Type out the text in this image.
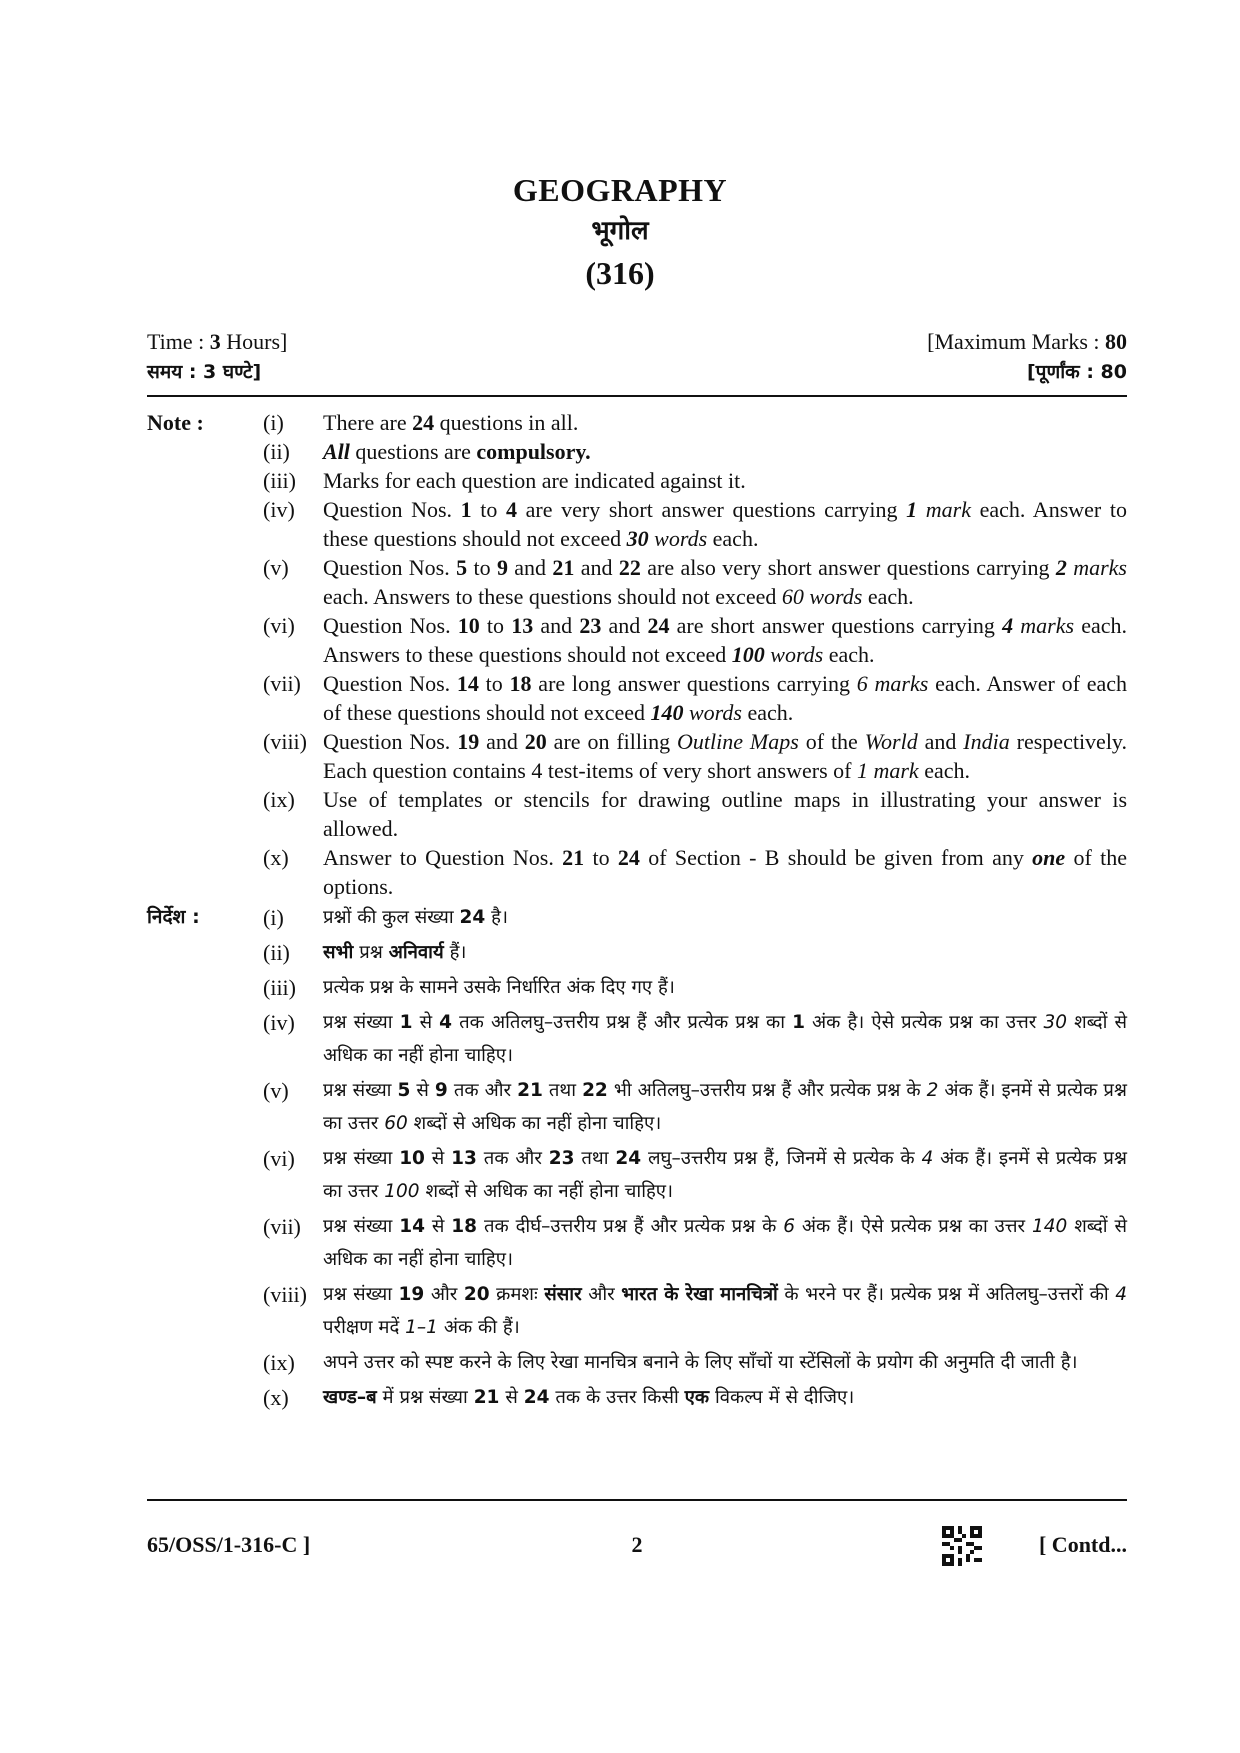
GEOGRAPHY
भूगोल
(316)
Time : 3 Hours]	[Maximum Marks : 80
समय : 3 घण्टे]	[पूर्णांक : 80
Note :	(i)	There are 24 questions in all.
(ii)	All questions are compulsory.
(iii)	Marks for each question are indicated against it.
(iv)	Question Nos. 1 to 4 are very short answer questions carrying 1 mark each. Answer to these questions should not exceed 30 words each.
(v)	Question Nos. 5 to 9 and 21 and 22 are also very short answer questions carrying 2 marks each. Answers to these questions should not exceed 60 words each.
(vi)	Question Nos. 10 to 13 and 23 and 24 are short answer questions carrying 4 marks each. Answers to these questions should not exceed 100 words each.
(vii)	Question Nos. 14 to 18 are long answer questions carrying 6 marks each. Answer of each of these questions should not exceed 140 words each.
(viii) Question Nos. 19 and 20 are on filling Outline Maps of the World and India respectively. Each question contains 4 test-items of very short answers of 1 mark each.
(ix)	Use of templates or stencils for drawing outline maps in illustrating your answer is allowed.
(x)	Answer to Question Nos. 21 to 24 of Section - B should be given from any one of the options.
निर्देश :	(i)	प्रश्नों की कुल संख्या 24 है।
(ii)	सभी प्रश्न अनिवार्य हैं।
(iii)	प्रत्येक प्रश्न के सामने उसके निर्धारित अंक दिए गए हैं।
(iv)	प्रश्न संख्या 1 से 4 तक अतिलघु–उत्तरीय प्रश्न हैं और प्रत्येक प्रश्न का 1 अंक है। ऐसे प्रत्येक प्रश्न का उत्तर 30 शब्दों से अधिक का नहीं होना चाहिए।
(v)	प्रश्न संख्या 5 से 9 तक और 21 तथा 22 भी अतिलघु–उत्तरीय प्रश्न हैं और प्रत्येक प्रश्न के 2 अंक हैं। इनमें से प्रत्येक प्रश्न का उत्तर 60 शब्दों से अधिक का नहीं होना चाहिए।
(vi)	प्रश्न संख्या 10 से 13 तक और 23 तथा 24 लघु–उत्तरीय प्रश्न हैं, जिनमें से प्रत्येक के 4 अंक हैं। इनमें से प्रत्येक प्रश्न का उत्तर 100 शब्दों से अधिक का नहीं होना चाहिए।
(vii)	प्रश्न संख्या 14 से 18 तक दीर्घ–उत्तरीय प्रश्न हैं और प्रत्येक प्रश्न के 6 अंक हैं। ऐसे प्रत्येक प्रश्न का उत्तर 140 शब्दों से अधिक का नहीं होना चाहिए।
(viii) प्रश्न संख्या 19 और 20 क्रमशः संसार और भारत के रेखा मानचित्रों के भरने पर हैं। प्रत्येक प्रश्न में अतिलघु–उत्तरों की 4 परीक्षण मदें 1–1 अंक की हैं।
(ix)	अपने उत्तर को स्पष्ट करने के लिए रेखा मानचित्र बनाने के लिए साँचों या स्टेंसिलों के प्रयोग की अनुमति दी जाती है।
(x)	खण्ड–ब में प्रश्न संख्या 21 से 24 तक के उत्तर किसी एक विकल्प में से दीजिए।
65/OSS/1-316-C ]	2	[ Contd...
